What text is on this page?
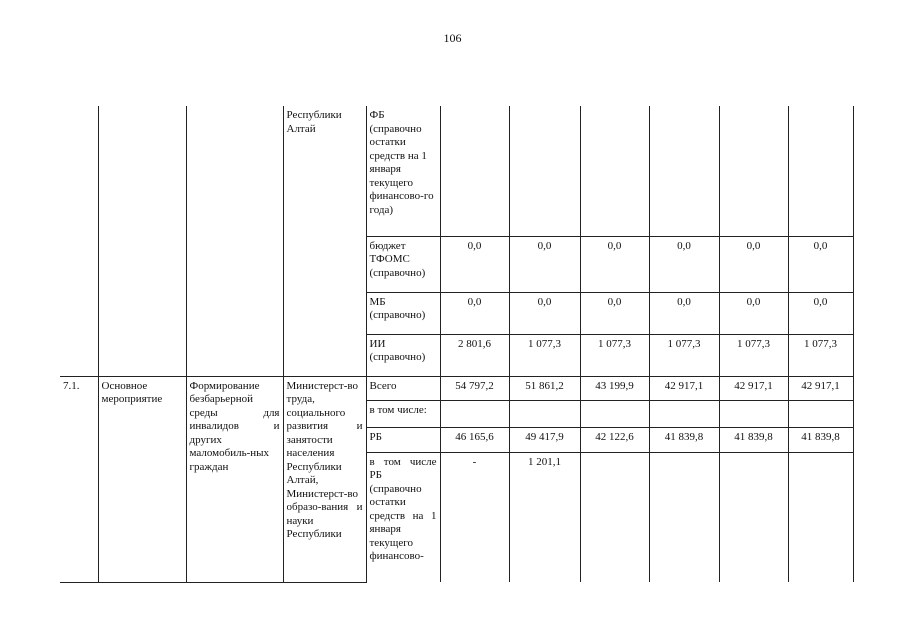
106
			Республики Алтай	ФБ (справочно остатки средств на 1 января текущего финансово-го года)						
				бюджет ТФОМС (справочно)	0,0	0,0	0,0	0,0	0,0	0,0
				МБ (справочно)	0,0	0,0	0,0	0,0	0,0	0,0
				ИИ (справочно)	2 801,6	1 077,3	1 077,3	1 077,3	1 077,3	1 077,3
7.1.	Основное мероприятие	Формирование безбарьерной среды для инвалидов и других маломобиль-ных граждан	Министерст-во труда, социального развития и занятости населения Республики Алтай, Министерст-во образо-вания и науки Республики	Всего	54 797,2	51 861,2	43 199,9	42 917,1	42 917,1	42 917,1
				в том числе:						
				РБ	46 165,6	49 417,9	42 122,6	41 839,8	41 839,8	41 839,8
				в том числе РБ (справочно остатки средств на 1 января текущего финансово-	-	1 201,1				
